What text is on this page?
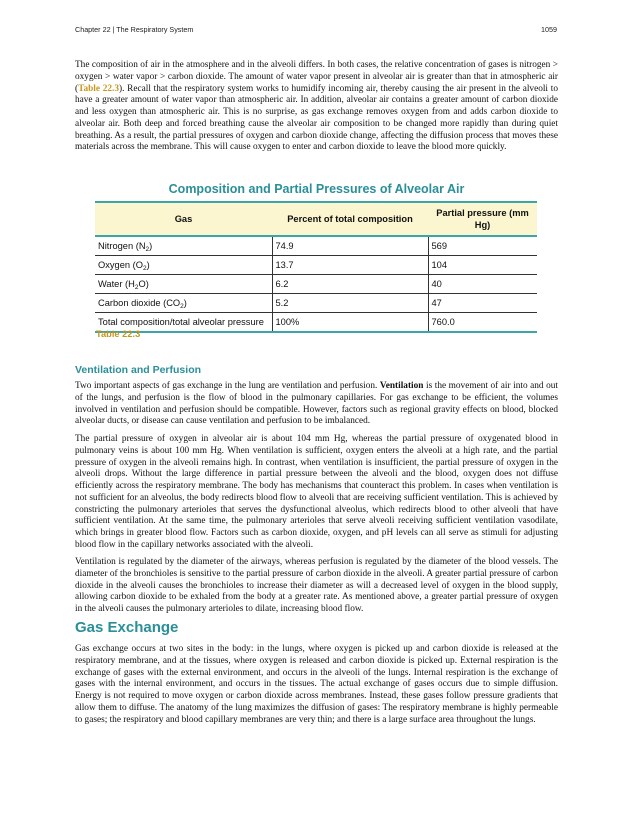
Chapter 22 | The Respiratory System	1059

The composition of air in the atmosphere and in the alveoli differs. In both cases, the relative concentration of gases is nitrogen > oxygen > water vapor > carbon dioxide. The amount of water vapor present in alveolar air is greater than that in atmospheric air (Table 22.3). Recall that the respiratory system works to humidify incoming air, thereby causing the air present in the alveoli to have a greater amount of water vapor than atmospheric air. In addition, alveolar air contains a greater amount of carbon dioxide and less oxygen than atmospheric air. This is no surprise, as gas exchange removes oxygen from and adds carbon dioxide to alveolar air. Both deep and forced breathing cause the alveolar air composition to be changed more rapidly than during quiet breathing. As a result, the partial pressures of oxygen and carbon dioxide change, affecting the diffusion process that moves these materials across the membrane. This will cause oxygen to enter and carbon dioxide to leave the blood more quickly.

Composition and Partial Pressures of Alveolar Air
Gas	Percent of total composition	Partial pressure (mm Hg)
Nitrogen $(N_2)$	74.9	569
Oxygen $(O_2)$	13.7	104
Water $(H_2O)$	6.2	40
Carbon dioxide $(CO_2)$	5.2	47
Total composition/total alveolar pressure	100%	760.0
Table 22.3
Ventilation and Perfusion

Two important aspects of gas exchange in the lung are ventilation and perfusion. Ventilation is the movement of air into and out of the lungs, and perfusion is the flow of blood in the pulmonary capillaries. For gas exchange to be efficient, the volumes involved in ventilation and perfusion should be compatible. However, factors such as regional gravity effects on blood, blocked alveolar ducts, or disease can cause ventilation and perfusion to be imbalanced.

The partial pressure of oxygen in alveolar air is about 104 mm Hg, whereas the partial pressure of oxygenated blood in pulmonary veins is about 100 mm Hg. When ventilation is sufficient, oxygen enters the alveoli at a high rate, and the partial pressure of oxygen in the alveoli remains high. In contrast, when ventilation is insufficient, the partial pressure of oxygen in the alveoli drops. Without the large difference in partial pressure between the alveoli and the blood, oxygen does not diffuse efficiently across the respiratory membrane. The body has mechanisms that counteract this problem. In cases when ventilation is not sufficient for an alveolus, the body redirects blood flow to alveoli that are receiving sufficient ventilation. This is achieved by constricting the pulmonary arterioles that serves the dysfunctional alveolus, which redirects blood to other alveoli that have sufficient ventilation. At the same time, the pulmonary arterioles that serve alveoli receiving sufficient ventilation vasodilate, which brings in greater blood flow. Factors such as carbon dioxide, oxygen, and pH levels can all serve as stimuli for adjusting blood flow in the capillary networks associated with the alveoli.

Ventilation is regulated by the diameter of the airways, whereas perfusion is regulated by the diameter of the blood vessels. The diameter of the bronchioles is sensitive to the partial pressure of carbon dioxide in the alveoli. A greater partial pressure of carbon dioxide in the alveoli causes the bronchioles to increase their diameter as will a decreased level of oxygen in the blood supply, allowing carbon dioxide to be exhaled from the body at a greater rate. As mentioned above, a greater partial pressure of oxygen in the alveoli causes the pulmonary arterioles to dilate, increasing blood flow.

Gas Exchange

Gas exchange occurs at two sites in the body: in the lungs, where oxygen is picked up and carbon dioxide is released at the respiratory membrane, and at the tissues, where oxygen is released and carbon dioxide is picked up. External respiration is the exchange of gases with the external environment, and occurs in the alveoli of the lungs. Internal respiration is the exchange of gases with the internal environment, and occurs in the tissues. The actual exchange of gases occurs due to simple diffusion. Energy is not required to move oxygen or carbon dioxide across membranes. Instead, these gases follow pressure gradients that allow them to diffuse. The anatomy of the lung maximizes the diffusion of gases: The respiratory membrane is highly permeable to gases; the respiratory and blood capillary membranes are very thin; and there is a large surface area throughout the lungs.
